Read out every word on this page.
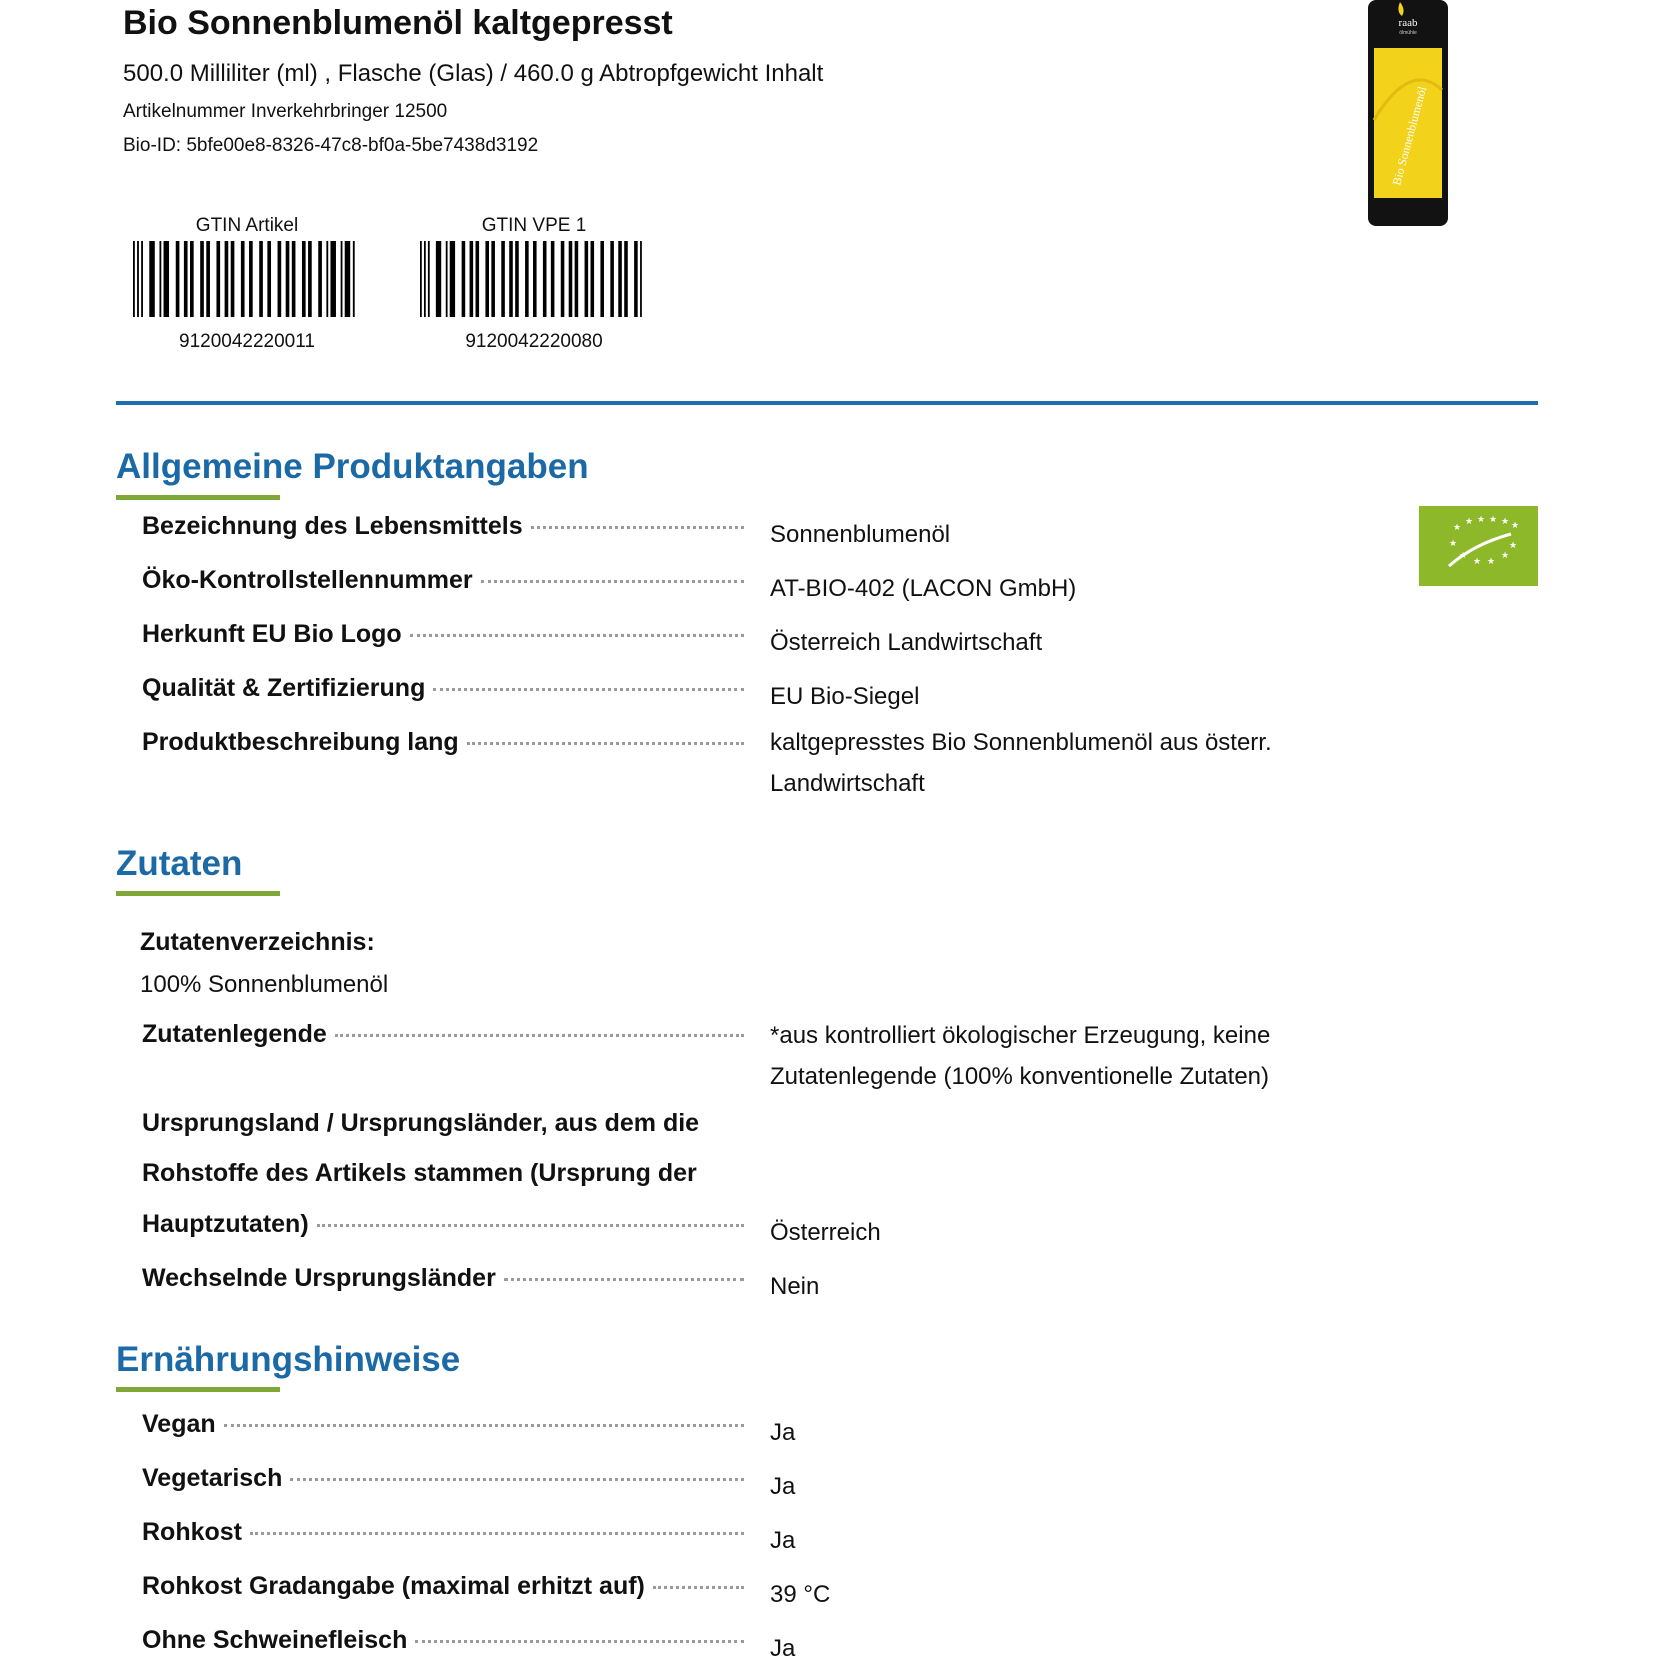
Bio Sonnenblumenöl kaltgepresst
500.0 Milliliter (ml) , Flasche (Glas) / 460.0 g Abtropfgewicht Inhalt
Artikelnummer Inverkehrbringer 12500
Bio-ID: 5bfe00e8-8326-47c8-bf0a-5be7438d3192
GTIN Artikel
9120042220011
GTIN VPE 1
9120042220080
raab
ölmühle
Bio Sonnenblumenöl
Allgemeine Produktangaben
Bezeichnung des Lebensmittels	Sonnenblumenöl
Öko-Kontrollstellennummer	AT-BIO-402 (LACON GmbH)
Herkunft EU Bio Logo	Österreich Landwirtschaft
Qualität & Zertifizierung	EU Bio-Siegel
Produktbeschreibung lang	kaltgepresstes Bio Sonnenblumenöl aus österr. Landwirtschaft
★
★ ★ ★ ★ ★
★
★
★ ★
★
★
Zutaten
Zutatenverzeichnis:
100% Sonnenblumenöl
Zutatenlegende	*aus kontrolliert ökologischer Erzeugung, keine Zutatenlegende (100% konventionelle Zutaten)
Ursprungsland / Ursprungsländer, aus dem die
Rohstoffe des Artikels stammen (Ursprung der
Hauptzutaten)	Österreich
Wechselnde Ursprungsländer	Nein
Ernährungshinweise
Vegan	Ja
Vegetarisch	Ja
Rohkost	Ja
Rohkost Gradangabe (maximal erhitzt auf)	39 °C
Ohne Schweinefleisch	Ja
